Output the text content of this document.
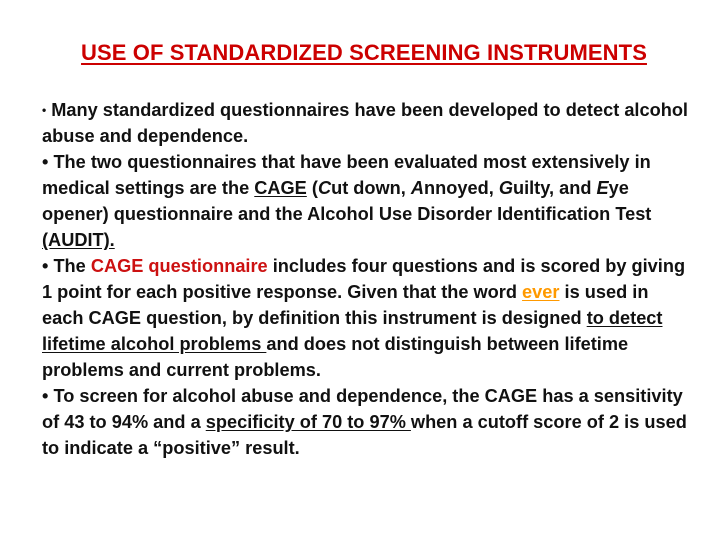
USE OF STANDARDIZED SCREENING INSTRUMENTS

• Many standardized questionnaires have been developed to detect alcohol abuse and dependence.

• The two questionnaires that have been evaluated most extensively in medical settings are the CAGE (Cut down, Annoyed, Guilty, and Eye opener) questionnaire and the Alcohol Use Disorder Identification Test (AUDIT).

• The CAGE questionnaire includes four questions and is scored by giving 1 point for each positive response. Given that the word ever is used in each CAGE question, by definition this instrument is designed to detect lifetime alcohol problems and does not distinguish between lifetime problems and current problems.

• To screen for alcohol abuse and dependence, the CAGE has a sensitivity of 43 to 94% and a specificity of 70 to 97% when a cutoff score of 2 is used to indicate a “positive” result.
